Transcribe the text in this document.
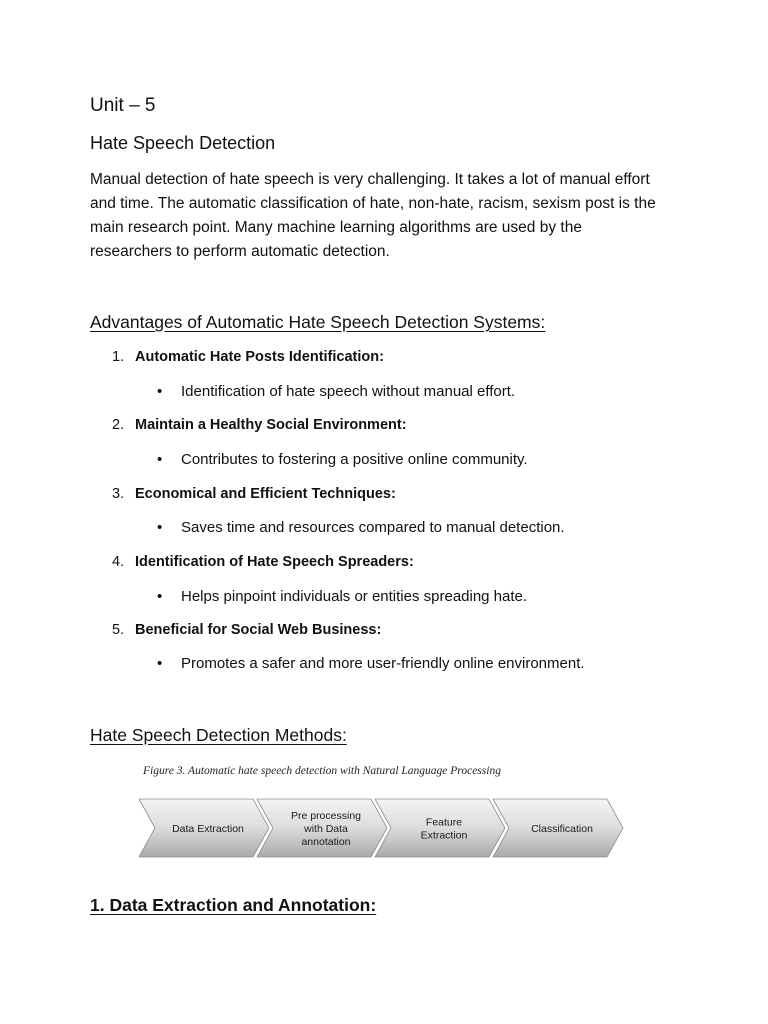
Unit – 5
Hate Speech Detection
Manual detection of hate speech is very challenging. It takes a lot of manual effort
and time. The automatic classification of hate, non-hate, racism, sexism post is the
main research point. Many machine learning algorithms are used by the
researchers to perform automatic detection.
Advantages of Automatic Hate Speech Detection Systems:
1. Automatic Hate Posts Identification:
• Identification of hate speech without manual effort.
2. Maintain a Healthy Social Environment:
• Contributes to fostering a positive online community.
3. Economical and Efficient Techniques:
• Saves time and resources compared to manual detection.
4. Identification of Hate Speech Spreaders:
• Helps pinpoint individuals or entities spreading hate.
5. Beneficial for Social Web Business:
• Promotes a safer and more user-friendly online environment.
Hate Speech Detection Methods:
Figure 3. Automatic hate speech detection with Natural Language Processing
Data Extraction
Pre processing
with Data
annotation
Feature
Extraction
Classification
1. Data Extraction and Annotation:
